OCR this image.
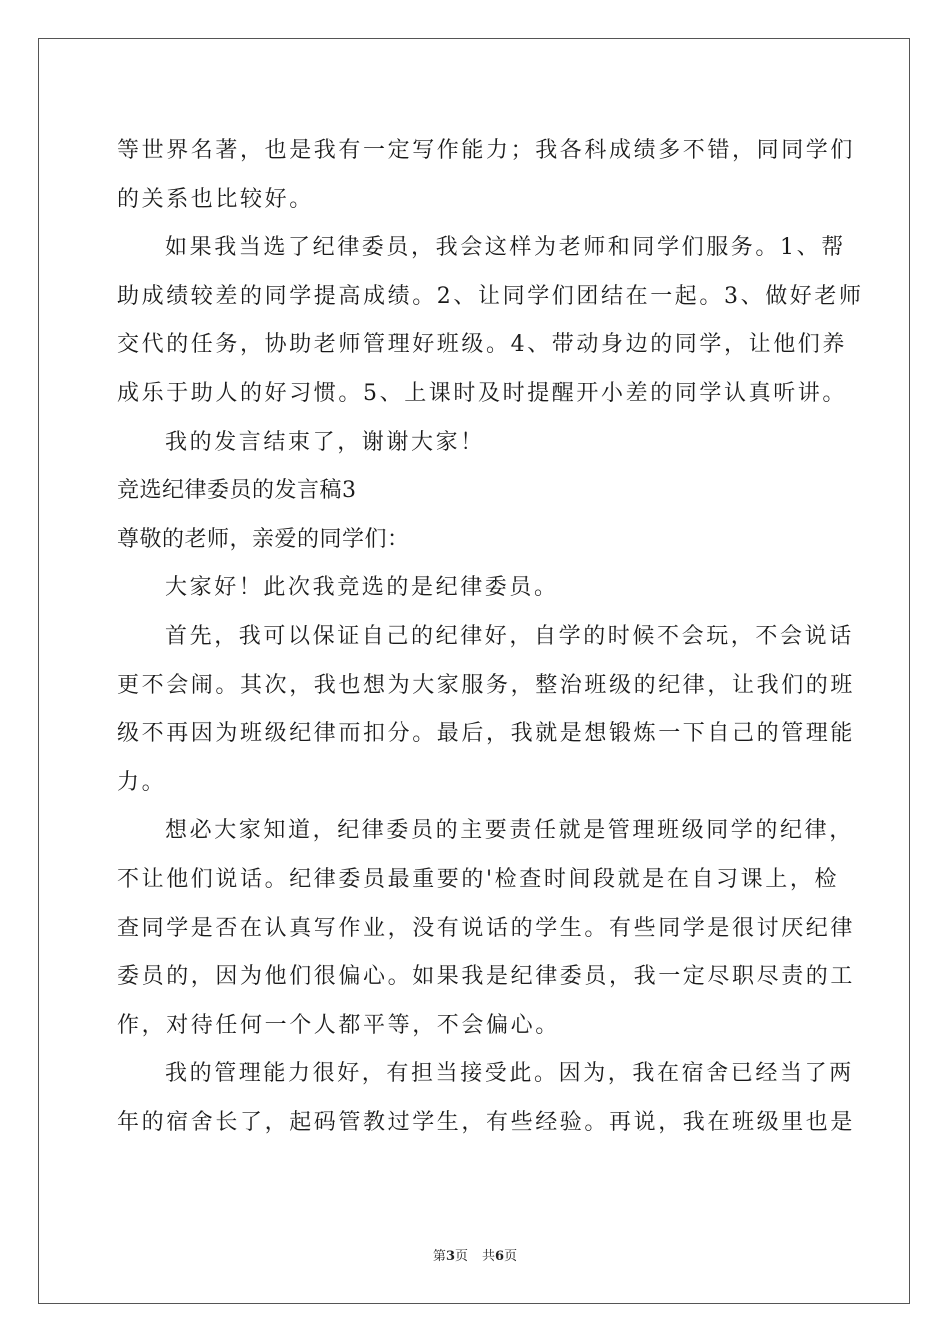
等世界名著，也是我有一定写作能力；我各科成绩多不错，同同学们
的关系也比较好。
如果我当选了纪律委员，我会这样为老师和同学们服务。1、帮
助成绩较差的同学提高成绩。2、让同学们团结在一起。3、做好老师
交代的任务，协助老师管理好班级。4、带动身边的同学，让他们养
成乐于助人的好习惯。5、上课时及时提醒开小差的同学认真听讲。
我的发言结束了，谢谢大家！
竞选纪律委员的发言稿3
尊敬的老师，亲爱的同学们：
大家好！此次我竞选的是纪律委员。
首先，我可以保证自己的纪律好，自学的时候不会玩，不会说话
更不会闹。其次，我也想为大家服务，整治班级的纪律，让我们的班
级不再因为班级纪律而扣分。最后，我就是想锻炼一下自己的管理能
力。
想必大家知道，纪律委员的主要责任就是管理班级同学的纪律，
不让他们说话。纪律委员最重要的'检查时间段就是在自习课上，检
查同学是否在认真写作业，没有说话的学生。有些同学是很讨厌纪律
委员的，因为他们很偏心。如果我是纪律委员，我一定尽职尽责的工
作，对待任何一个人都平等，不会偏心。
我的管理能力很好，有担当接受此。因为，我在宿舍已经当了两
年的宿舍长了，起码管教过学生，有些经验。再说，我在班级里也是
第3页 共6页
